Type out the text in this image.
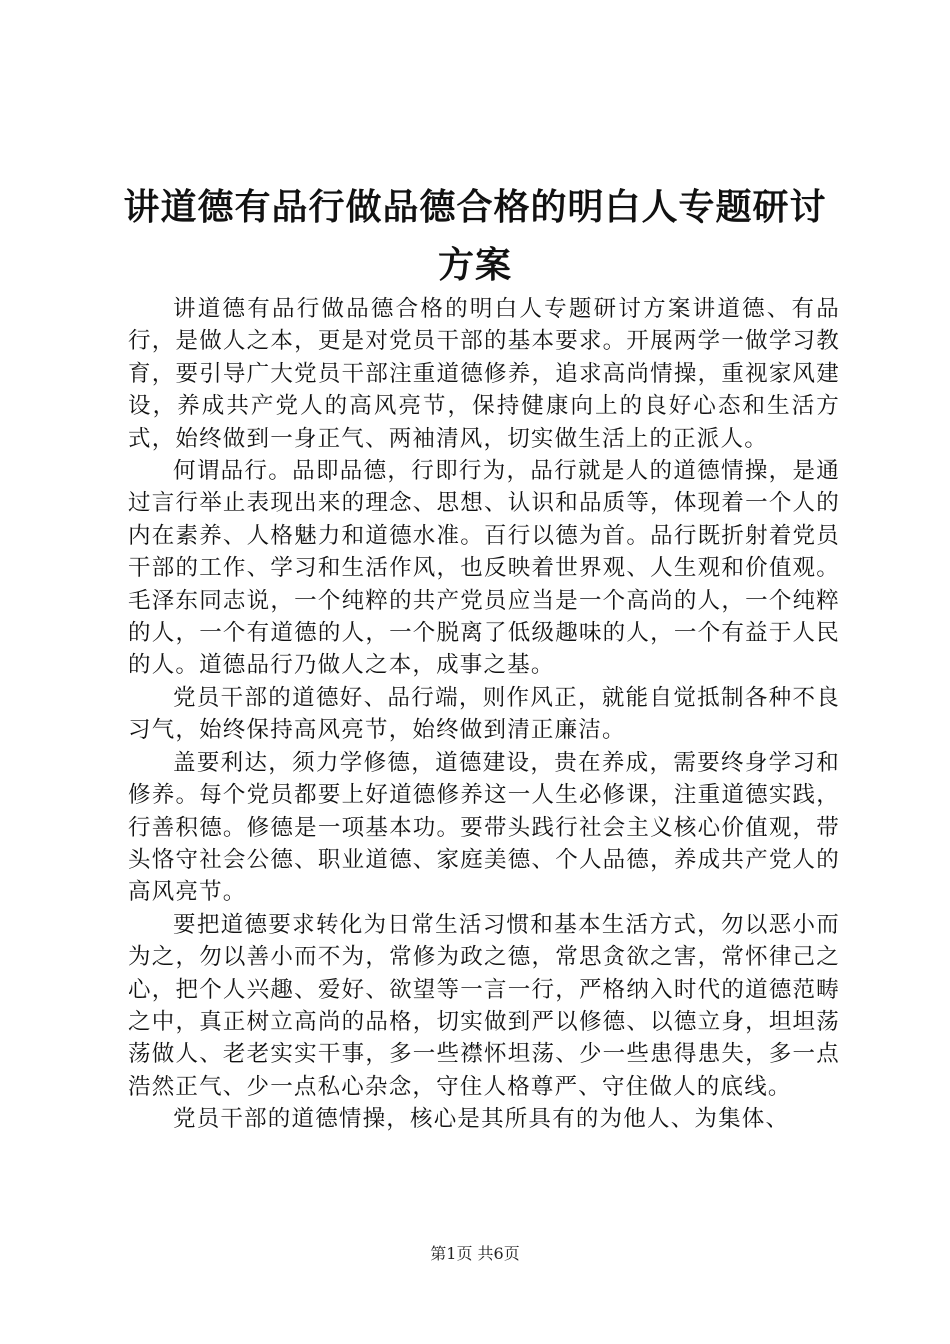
讲道德有品行做品德合格的明白人专题研讨方案

讲道德有品行做品德合格的明白人专题研讨方案讲道德、有品行，是做人之本，更是对党员干部的基本要求。开展两学一做学习教育，要引导广大党员干部注重道德修养，追求高尚情操，重视家风建设，养成共产党人的高风亮节，保持健康向上的良好心态和生活方式，始终做到一身正气、两袖清风，切实做生活上的正派人。

何谓品行。品即品德，行即行为，品行就是人的道德情操，是通过言行举止表现出来的理念、思想、认识和品质等，体现着一个人的内在素养、人格魅力和道德水准。百行以德为首。品行既折射着党员干部的工作、学习和生活作风，也反映着世界观、人生观和价值观。毛泽东同志说，一个纯粹的共产党员应当是一个高尚的人，一个纯粹的人，一个有道德的人，一个脱离了低级趣味的人，一个有益于人民的人。道德品行乃做人之本，成事之基。

党员干部的道德好、品行端，则作风正，就能自觉抵制各种不良习气，始终保持高风亮节，始终做到清正廉洁。

盖要利达，须力学修德，道德建设，贵在养成，需要终身学习和修养。每个党员都要上好道德修养这一人生必修课，注重道德实践，行善积德。修德是一项基本功。要带头践行社会主义核心价值观，带头恪守社会公德、职业道德、家庭美德、个人品德，养成共产党人的高风亮节。

要把道德要求转化为日常生活习惯和基本生活方式，勿以恶小而为之，勿以善小而不为，常修为政之德，常思贪欲之害，常怀律己之心，把个人兴趣、爱好、欲望等一言一行，严格纳入时代的道德范畴之中，真正树立高尚的品格，切实做到严以修德、以德立身，坦坦荡荡做人、老老实实干事，多一些襟怀坦荡、少一些患得患失，多一点浩然正气、少一点私心杂念，守住人格尊严、守住做人的底线。

党员干部的道德情操，核心是其所具有的为他人、为集体、

第1页 共6页
